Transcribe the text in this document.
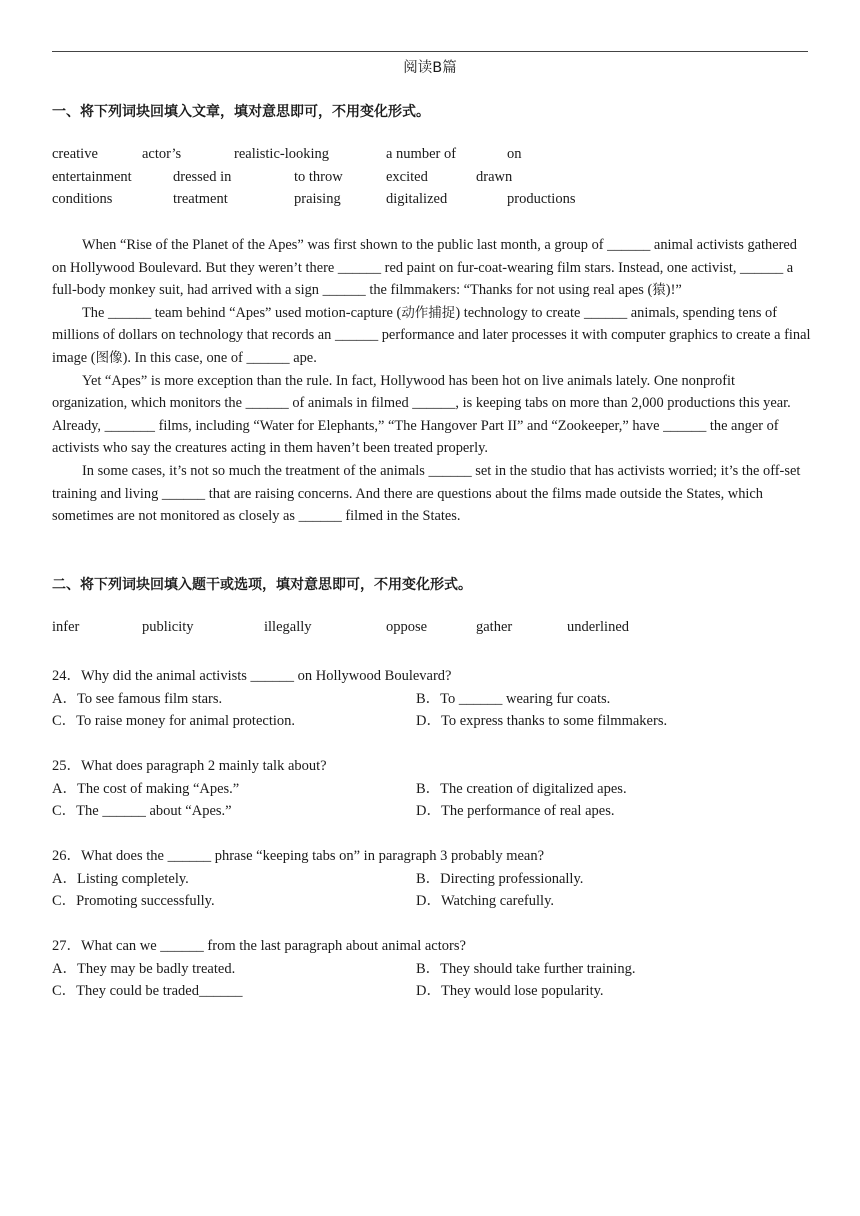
阅读B篇
一、将下列词块回填入文章，填对意思即可，不用变化形式。
creative	actor’s	realistic-looking	a number of	on
entertainment	dressed in	to throw	excited	drawn
conditions	treatment	praising	digitalized	productions

When “Rise of the Planet of the Apes” was first shown to the public last month, a group of ______ animal activists gathered on Hollywood Boulevard. But they weren’t there ______ red paint on fur-coat-wearing film stars. Instead, one activist, ______ a full-body monkey suit, had arrived with a sign ______ the filmmakers: “Thanks for not using real apes (猿)!”

The ______ team behind “Apes” used motion-capture (动作捕捉) technology to create ______ animals, spending tens of millions of dollars on technology that records an ______ performance and later processes it with computer graphics to create a final image (图像). In this case, one of ______ ape.

Yet “Apes” is more exception than the rule. In fact, Hollywood has been hot on live animals lately. One nonprofit organization, which monitors the ______ of animals in filmed ______, is keeping tabs on more than 2,000 productions this year. Already, _______ films, including “Water for Elephants,” “The Hangover Part II” and “Zookeeper,” have ______ the anger of activists who say the creatures acting in them haven’t been treated properly.

In some cases, it’s not so much the treatment of the animals ______ set in the studio that has activists worried; it’s the off-set training and living ______ that are raising concerns. And there are questions about the films made outside the States, which sometimes are not monitored as closely as ______ filmed in the States.

二、将下列词块回填入题干或选项，填对意思即可，不用变化形式。
infer	publicity	illegally	oppose	gather	underlined
24．Why did the animal activists ______ on Hollywood Boulevard?
A．To see famous film stars.	B．To ______ wearing fur coats.
C．To raise money for animal protection.	D．To express thanks to some filmmakers.
25．What does paragraph 2 mainly talk about?
A．The cost of making “Apes.”	B．The creation of digitalized apes.
C．The ______ about “Apes.”	D．The performance of real apes.
26．What does the ______ phrase “keeping tabs on” in paragraph 3 probably mean?
A．Listing completely.	B．Directing professionally.
C．Promoting successfully.	D．Watching carefully.
27．What can we ______ from the last paragraph about animal actors?
A．They may be badly treated.	B．They should take further training.
C．They could be traded______	D．They would lose popularity.
